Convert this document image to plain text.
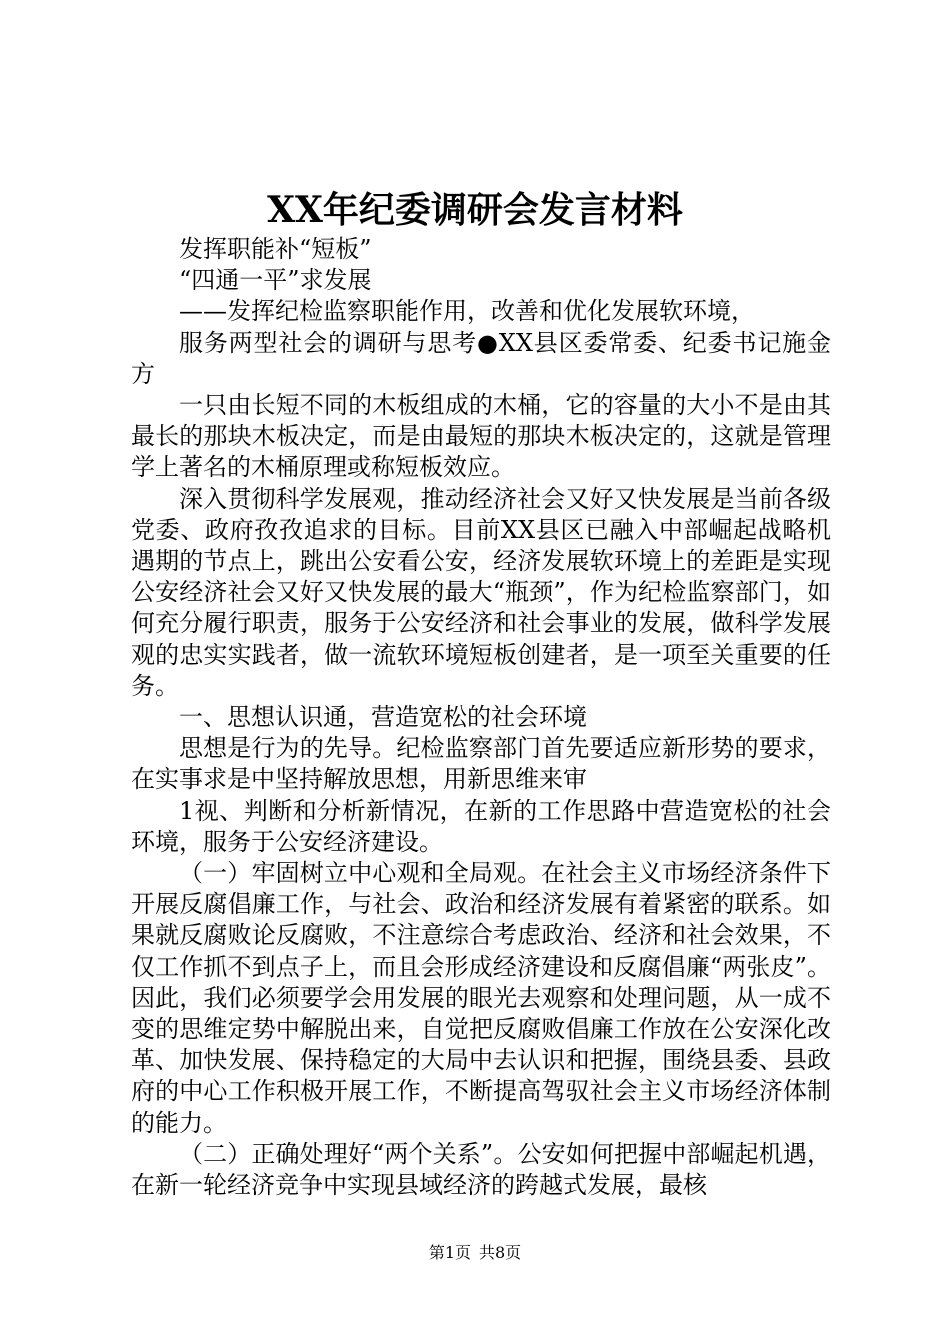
XX年纪委调研会发言材料

发挥职能补“短板”

“四通一平”求发展

——发挥纪检监察职能作用，改善和优化发展软环境，

服务两型社会的调研与思考●XX县区委常委、纪委书记施金方

一只由长短不同的木板组成的木桶，它的容量的大小不是由其最长的那块木板决定，而是由最短的那块木板决定的，这就是管理学上著名的木桶原理或称短板效应。

深入贯彻科学发展观，推动经济社会又好又快发展是当前各级党委、政府孜孜追求的目标。目前XX县区已融入中部崛起战略机遇期的节点上，跳出公安看公安，经济发展软环境上的差距是实现公安经济社会又好又快发展的最大“瓶颈”，作为纪检监察部门，如何充分履行职责，服务于公安经济和社会事业的发展，做科学发展观的忠实实践者，做一流软环境短板创建者，是一项至关重要的任务。

一、思想认识通，营造宽松的社会环境

思想是行为的先导。纪检监察部门首先要适应新形势的要求，在实事求是中坚持解放思想，用新思维来审

1视、判断和分析新情况，在新的工作思路中营造宽松的社会环境，服务于公安经济建设。

（一）牢固树立中心观和全局观。在社会主义市场经济条件下开展反腐倡廉工作，与社会、政治和经济发展有着紧密的联系。如果就反腐败论反腐败，不注意综合考虑政治、经济和社会效果，不仅工作抓不到点子上，而且会形成经济建设和反腐倡廉“两张皮”。因此，我们必须要学会用发展的眼光去观察和处理问题，从一成不变的思维定势中解脱出来，自觉把反腐败倡廉工作放在公安深化改革、加快发展、保持稳定的大局中去认识和把握，围绕县委、县政府的中心工作积极开展工作，不断提高驾驭社会主义市场经济体制的能力。

（二）正确处理好“两个关系”。公安如何把握中部崛起机遇，在新一轮经济竞争中实现县域经济的跨越式发展，最核

第1页 共8页
